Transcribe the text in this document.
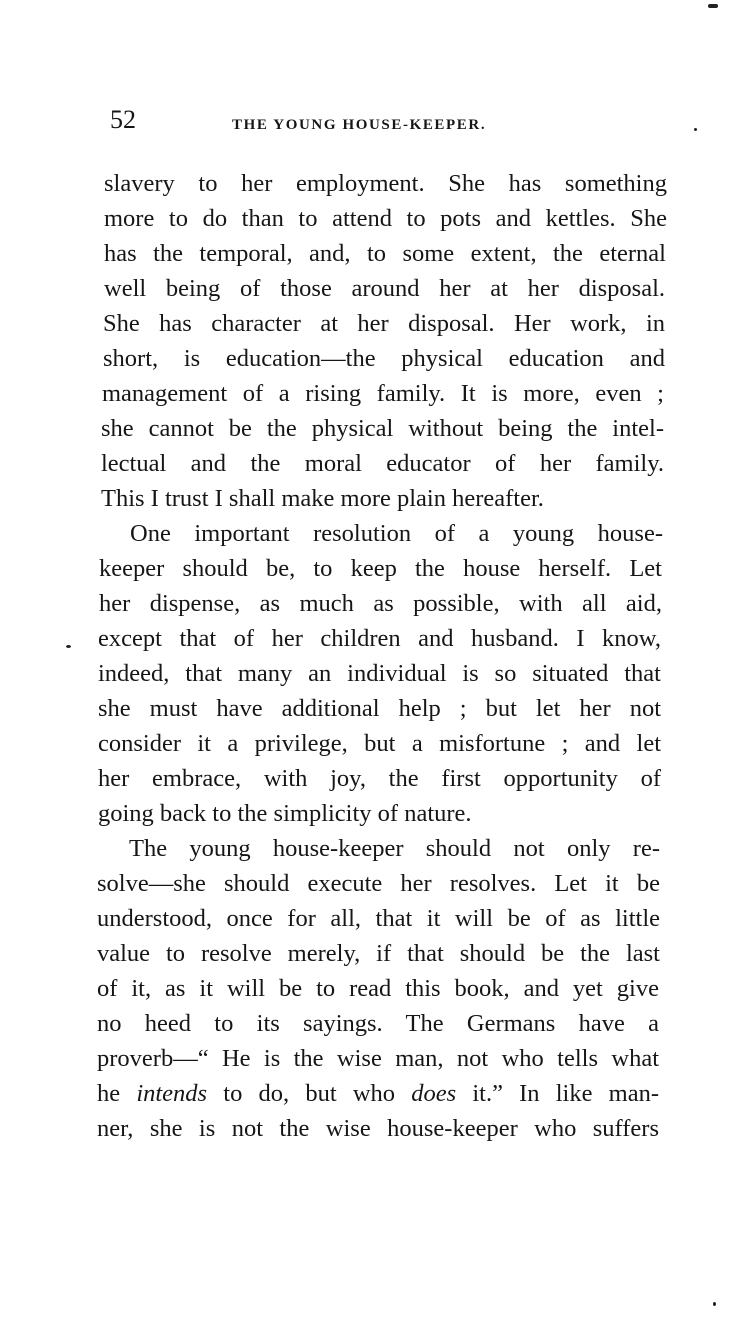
52	THE YOUNG HOUSE-KEEPER.
slavery to her employment. She has something
more to do than to attend to pots and kettles. She
has the temporal, and, to some extent, the eternal
well being of those around her at her disposal.
She has character at her disposal. Her work, in
short, is education—the physical education and
management of a rising family. It is more, even ;
she cannot be the physical without being the intel-
lectual and the moral educator of her family.
This I trust I shall make more plain hereafter.
One important resolution of a young house-
keeper should be, to keep the house herself. Let
her dispense, as much as possible, with all aid,
except that of her children and husband. I know,
indeed, that many an individual is so situated that
she must have additional help ; but let her not
consider it a privilege, but a misfortune ; and let
her embrace, with joy, the first opportunity of
going back to the simplicity of nature.
The young house-keeper should not only re-
solve—she should execute her resolves. Let it be
understood, once for all, that it will be of as little
value to resolve merely, if that should be the last
of it, as it will be to read this book, and yet give
no heed to its sayings. The Germans have a
proverb—“ He is the wise man, not who tells what
he intends to do, but who does it.” In like man-
ner, she is not the wise house-keeper who suffers
